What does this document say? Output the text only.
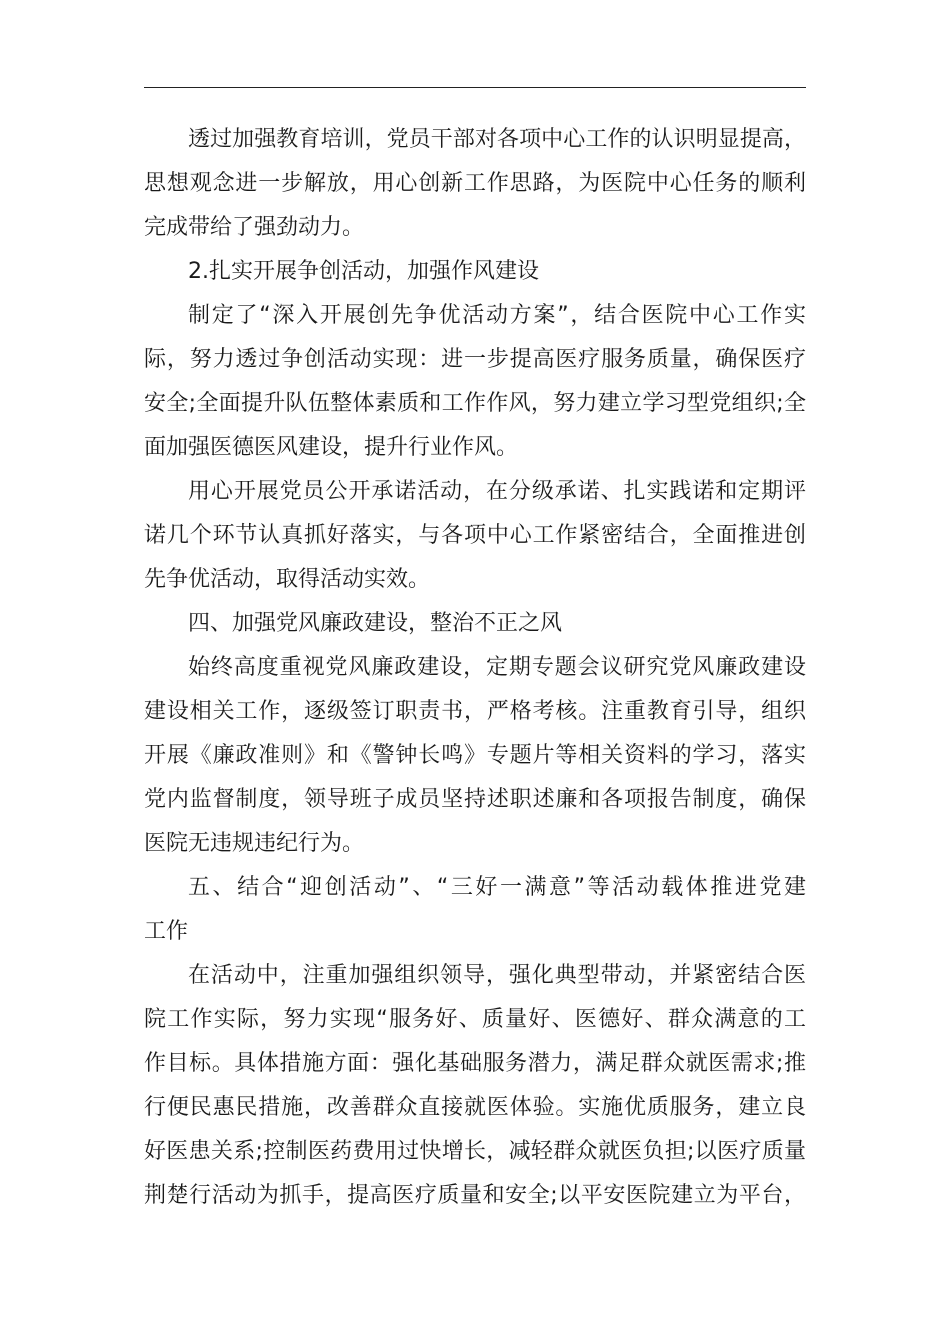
透过加强教育培训，党员干部对各项中心工作的认识明显提高，
思想观念进一步解放，用心创新工作思路，为医院中心任务的顺利
完成带给了强劲动力。
2.扎实开展争创活动，加强作风建设
制定了“深入开展创先争优活动方案”，结合医院中心工作实
际，努力透过争创活动实现：进一步提高医疗服务质量，确保医疗
安全;全面提升队伍整体素质和工作作风，努力建立学习型党组织;全
面加强医德医风建设，提升行业作风。
用心开展党员公开承诺活动，在分级承诺、扎实践诺和定期评
诺几个环节认真抓好落实，与各项中心工作紧密结合，全面推进创
先争优活动，取得活动实效。
四、加强党风廉政建设，整治不正之风
始终高度重视党风廉政建设，定期专题会议研究党风廉政建设
建设相关工作，逐级签订职责书，严格考核。注重教育引导，组织
开展《廉政准则》和《警钟长鸣》专题片等相关资料的学习，落实
党内监督制度，领导班子成员坚持述职述廉和各项报告制度，确保
医院无违规违纪行为。
五、结合“迎创活动”、“三好一满意”等活动载体推进党建
工作
在活动中，注重加强组织领导，强化典型带动，并紧密结合医
院工作实际，努力实现“服务好、质量好、医德好、群众满意的工
作目标。具体措施方面：强化基础服务潜力，满足群众就医需求;推
行便民惠民措施，改善群众直接就医体验。实施优质服务，建立良
好医患关系;控制医药费用过快增长，减轻群众就医负担;以医疗质量
荆楚行活动为抓手，提高医疗质量和安全;以平安医院建立为平台，
